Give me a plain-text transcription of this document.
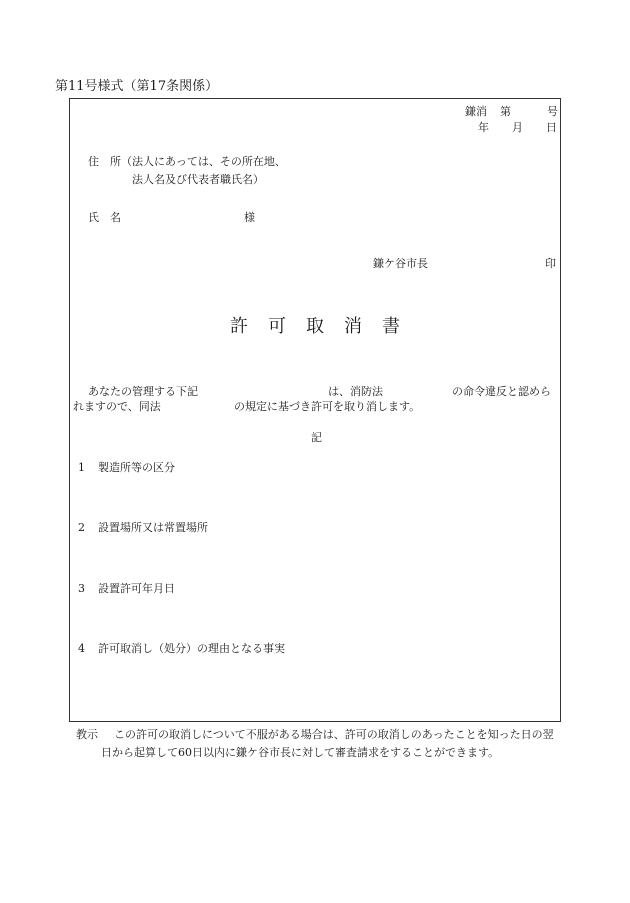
第11号様式（第17条関係）
鎌消 第	号
年 月 日
住　所 （法人にあっては、その所在地、
法人名及び代表者職氏名）
氏　名	様
鎌ケ谷市長	印
許 可 取 消 書
あなたの管理する下記	は、消防法	の命令違反と認めら
れますので、同法	の規定に基づき許可を取り消します。
記
1 製造所等の区分
2 設置場所又は常置場所
3 設置許可年月日
4 許可取消し（処分）の理由となる事実
教示 この許可の取消しについて不服がある場合は、許可の取消しのあったことを知った日の翌
日から起算して60日以内に鎌ケ谷市長に対して審査請求をすることができます。
